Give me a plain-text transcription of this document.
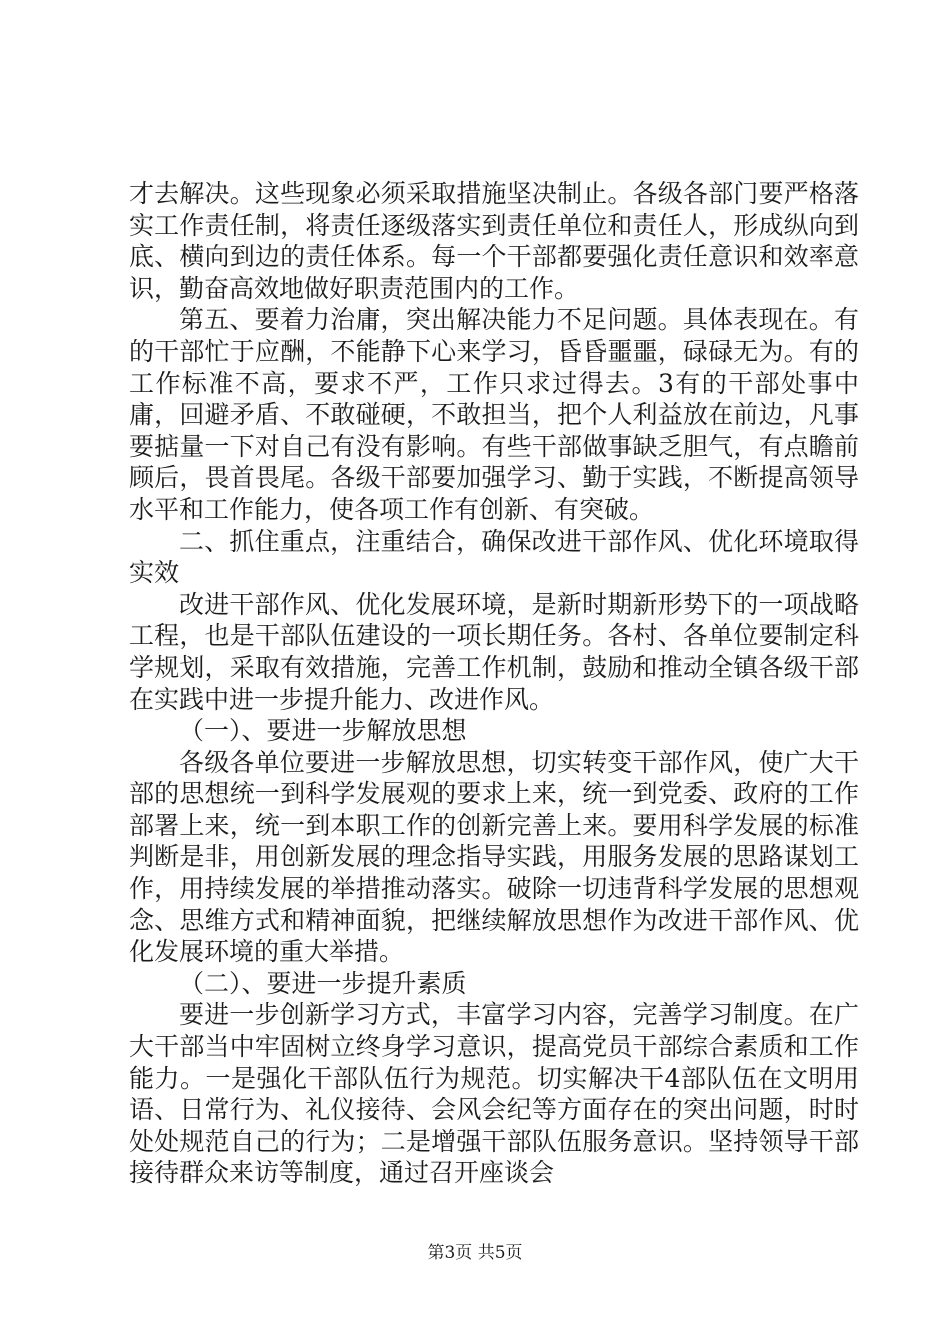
才去解决。这些现象必须采取措施坚决制止。各级各部门要严格落实工作责任制，将责任逐级落实到责任单位和责任人，形成纵向到底、横向到边的责任体系。每一个干部都要强化责任意识和效率意识，勤奋高效地做好职责范围内的工作。

第五、要着力治庸，突出解决能力不足问题。具体表现在。有的干部忙于应酬，不能静下心来学习，昏昏噩噩，碌碌无为。有的工作标准不高，要求不严，工作只求过得去。3有的干部处事中庸，回避矛盾、不敢碰硬，不敢担当，把个人利益放在前边，凡事要掂量一下对自己有没有影响。有些干部做事缺乏胆气，有点瞻前顾后，畏首畏尾。各级干部要加强学习、勤于实践，不断提高领导水平和工作能力，使各项工作有创新、有突破。

二、抓住重点，注重结合，确保改进干部作风、优化环境取得实效

改进干部作风、优化发展环境，是新时期新形势下的一项战略工程，也是干部队伍建设的一项长期任务。各村、各单位要制定科学规划，采取有效措施，完善工作机制，鼓励和推动全镇各级干部在实践中进一步提升能力、改进作风。

（一）、要进一步解放思想

各级各单位要进一步解放思想，切实转变干部作风，使广大干部的思想统一到科学发展观的要求上来，统一到党委、政府的工作部署上来，统一到本职工作的创新完善上来。要用科学发展的标准判断是非，用创新发展的理念指导实践，用服务发展的思路谋划工作，用持续发展的举措推动落实。破除一切违背科学发展的思想观念、思维方式和精神面貌，把继续解放思想作为改进干部作风、优化发展环境的重大举措。

（二）、要进一步提升素质

要进一步创新学习方式，丰富学习内容，完善学习制度。在广大干部当中牢固树立终身学习意识，提高党员干部综合素质和工作能力。一是强化干部队伍行为规范。切实解决干4部队伍在文明用语、日常行为、礼仪接待、会风会纪等方面存在的突出问题，时时处处规范自己的行为；二是增强干部队伍服务意识。坚持领导干部接待群众来访等制度，通过召开座谈会

第3页 共5页
